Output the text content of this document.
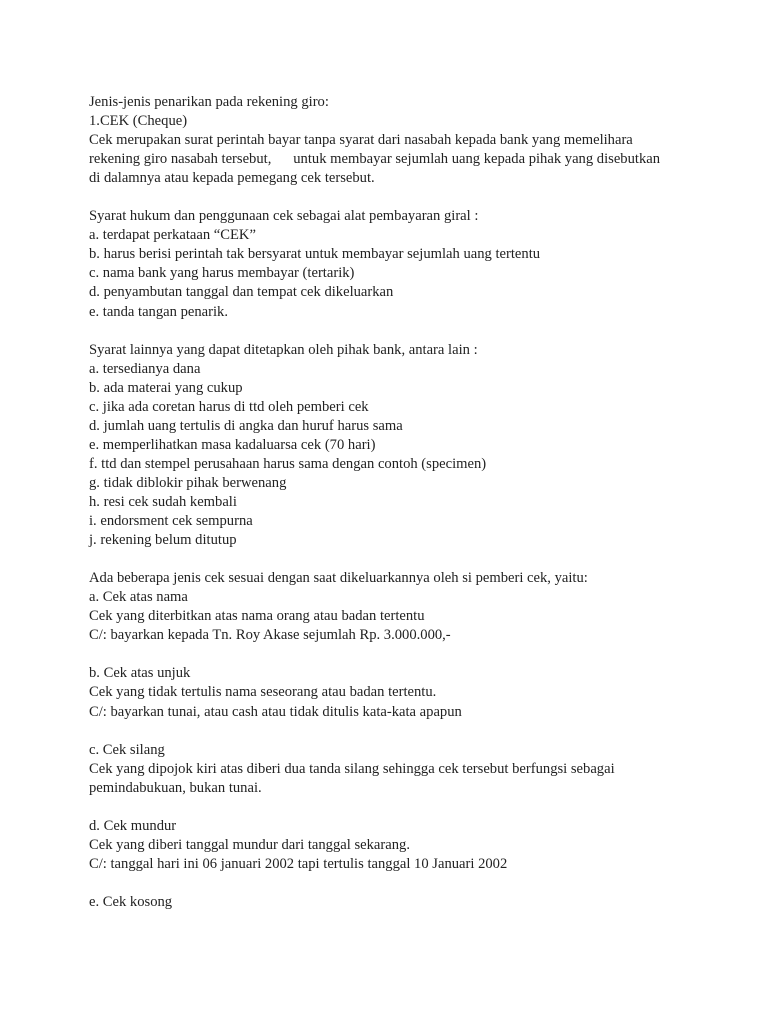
Jenis-jenis penarikan pada rekening giro:
1.CEK (Cheque)
Cek merupakan surat perintah bayar tanpa syarat dari nasabah kepada bank yang memelihara
rekening giro nasabah tersebut,      untuk membayar sejumlah uang kepada pihak yang disebutkan
di dalamnya atau kepada pemegang cek tersebut.
Syarat hukum dan penggunaan cek sebagai alat pembayaran giral :
a. terdapat perkataan “CEK”
b. harus berisi perintah tak bersyarat untuk membayar sejumlah uang tertentu
c. nama bank yang harus membayar (tertarik)
d. penyambutan tanggal dan tempat cek dikeluarkan
e. tanda tangan penarik.
Syarat lainnya yang dapat ditetapkan oleh pihak bank, antara lain :
a. tersedianya dana
b. ada materai yang cukup
c. jika ada coretan harus di ttd oleh pemberi cek
d. jumlah uang tertulis di angka dan huruf harus sama
e. memperlihatkan masa kadaluarsa cek (70 hari)
f. ttd dan stempel perusahaan harus sama dengan contoh (specimen)
g. tidak diblokir pihak berwenang
h. resi cek sudah kembali
i. endorsment cek sempurna
j. rekening belum ditutup
Ada beberapa jenis cek sesuai dengan saat dikeluarkannya oleh si pemberi cek, yaitu:
a. Cek atas nama
Cek yang diterbitkan atas nama orang atau badan tertentu
C/: bayarkan kepada Tn. Roy Akase sejumlah Rp. 3.000.000,-
b. Cek atas unjuk
Cek yang tidak tertulis nama seseorang atau badan tertentu.
C/: bayarkan tunai, atau cash atau tidak ditulis kata-kata apapun
c. Cek silang
Cek yang dipojok kiri atas diberi dua tanda silang sehingga cek tersebut berfungsi sebagai
pemindabukuan, bukan tunai.
d. Cek mundur
Cek yang diberi tanggal mundur dari tanggal sekarang.
C/: tanggal hari ini 06 januari 2002 tapi tertulis tanggal 10 Januari 2002
e. Cek kosong
